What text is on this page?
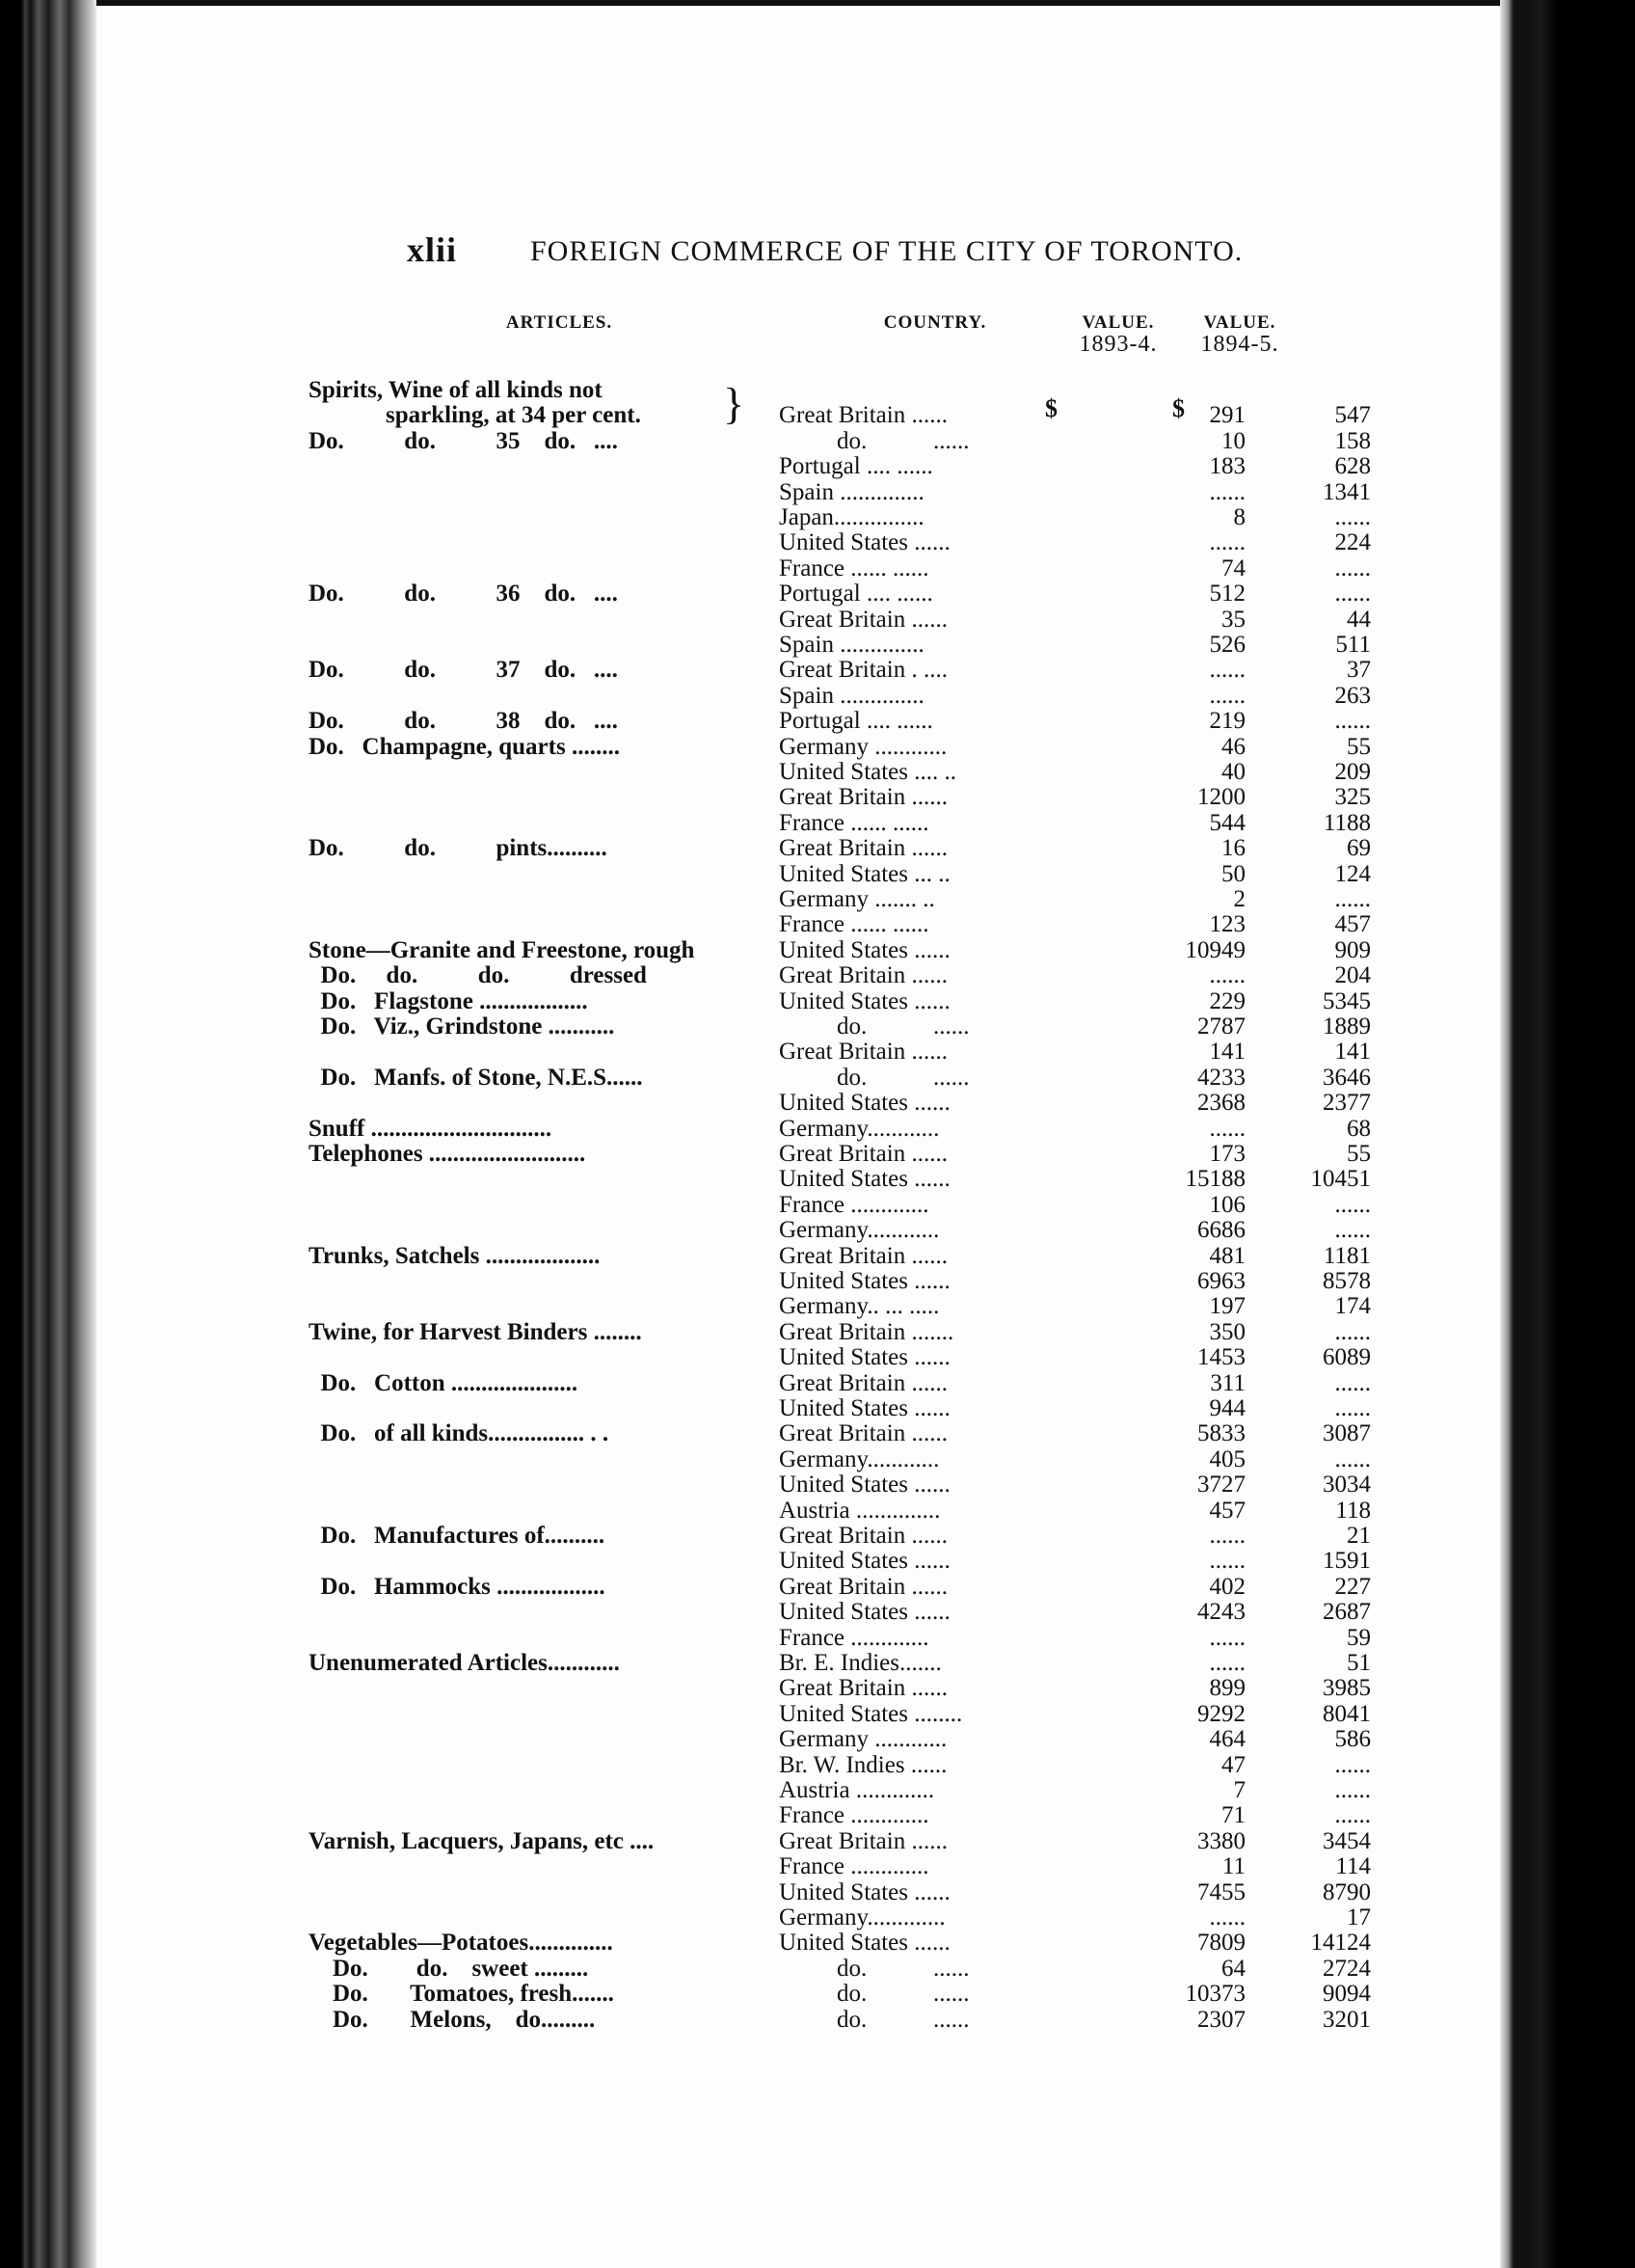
xlii	FOREIGN COMMERCE OF THE CITY OF TORONTO.
ARTICLES.	COUNTRY.	VALUE.
1893-4.
VALUE.
1894-5.
$	$
}
Spirits, Wine of all kinds not
sparkling, at 34 per cent.	Great Britain ......	291	547
Do.          do.          35    do.   ....	do.           ......	10	158
Portugal .... ......	183	628
Spain ..............	......	1341
Japan...............	8	......
United States ......	......	224
France ...... ......	74	......
Do.          do.          36    do.   ....	Portugal .... ......	512	......
Great Britain ......	35	44
Spain ..............	526	511
Do.          do.          37    do.   ....	Great Britain . ....	......	37
Spain ..............	......	263
Do.          do.          38    do.   ....	Portugal .... ......	219	......
Do.   Champagne, quarts ........	Germany ............	46	55
United States .... ..	40	209
Great Britain ......	1200	325
France ...... ......	544	1188
Do.          do.          pints..........	Great Britain ......	16	69
United States ... ..	50	124
Germany ....... ..	2	......
France ...... ......	123	457
Stone—Granite and Freestone, rough	United States ......	10949	909
Do.     do.          do.          dressed	Great Britain ......	......	204
Do.   Flagstone ..................	United States ......	229	5345
Do.   Viz., Grindstone ...........	do.           ......	2787	1889
Great Britain ......	141	141
Do.   Manfs. of Stone, N.E.S......	do.           ......	4233	3646
United States ......	2368	2377
Snuff ..............................	Germany............	......	68
Telephones ..........................	Great Britain ......	173	55
United States ......	15188	10451
France .............	106	......
Germany............	6686	......
Trunks, Satchels ...................	Great Britain ......	481	1181
United States ......	6963	8578
Germany.. ... .....	197	174
Twine, for Harvest Binders ........	Great Britain .......	350	......
United States ......	1453	6089
Do.   Cotton .....................	Great Britain ......	311	......
United States ......	944	......
Do.   of all kinds................ . .	Great Britain ......	5833	3087
Germany............	405	......
United States ......	3727	3034
Austria ..............	457	118
Do.   Manufactures of..........	Great Britain ......	......	21
United States ......	......	1591
Do.   Hammocks ..................	Great Britain ......	402	227
United States ......	4243	2687
France .............	......	59
Unenumerated Articles............	Br. E. Indies.......	......	51
Great Britain ......	899	3985
United States ........	9292	8041
Germany ............	464	586
Br. W. Indies ......	47	......
Austria .............	7	......
France .............	71	......
Varnish, Lacquers, Japans, etc ....	Great Britain ......	3380	3454
France .............	11	114
United States ......	7455	8790
Germany.............	......	17
Vegetables—Potatoes..............	United States ......	7809	14124
Do.        do.    sweet .........	do.           ......	64	2724
Do.       Tomatoes, fresh.......	do.           ......	10373	9094
Do.       Melons,    do.........	do.           ......	2307	3201
